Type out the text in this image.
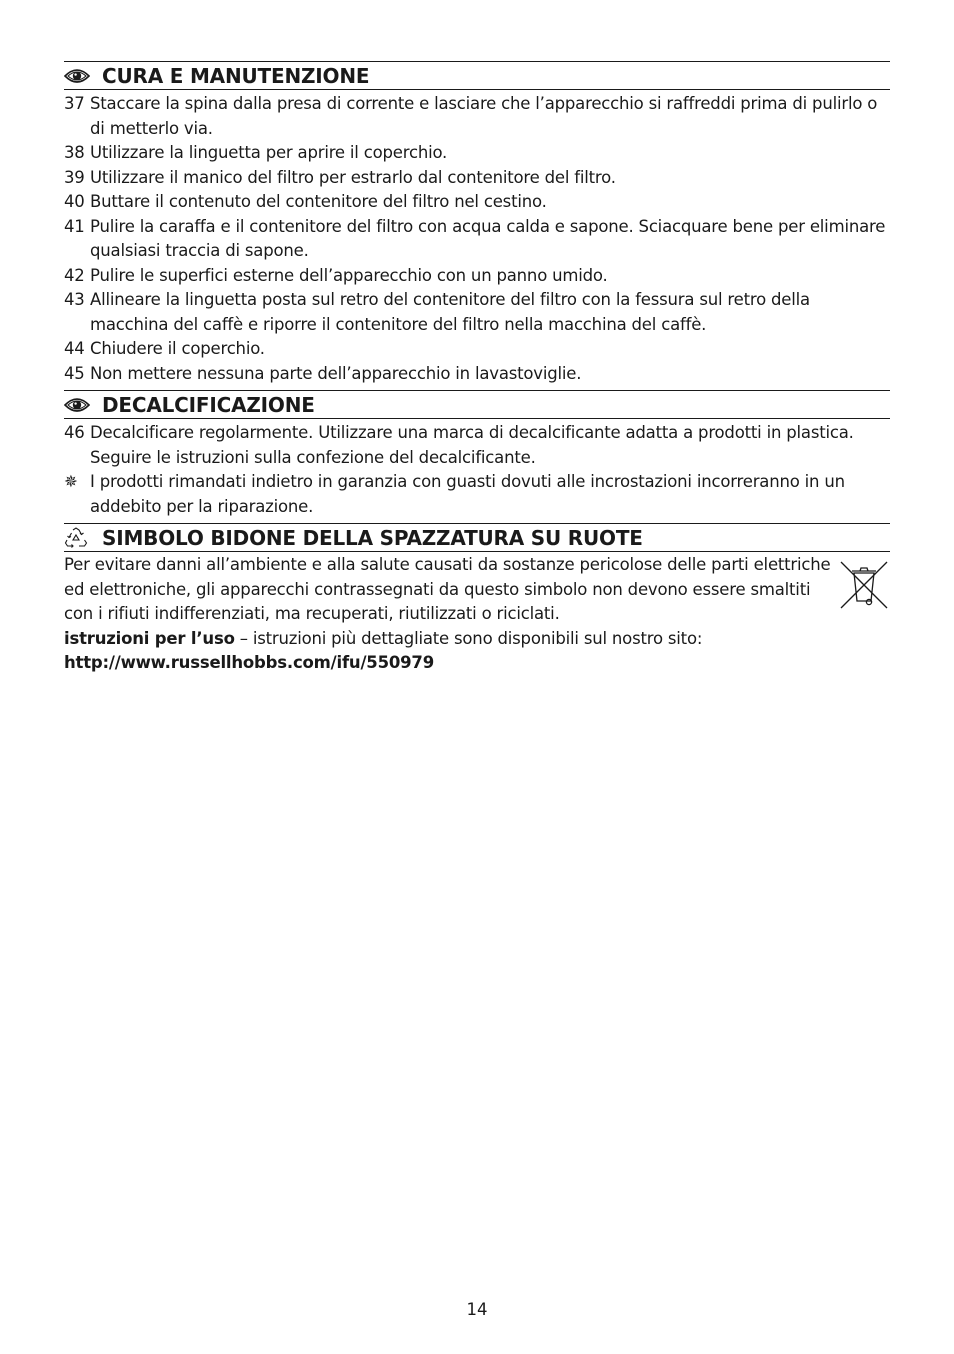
CURA E MANUTENZIONE
37 Staccare la spina dalla presa di corrente e lasciare che l’apparecchio si raffreddi prima di pulirlo o di metterlo via.
38 Utilizzare la linguetta per aprire il coperchio.
39 Utilizzare il manico del filtro per estrarlo dal contenitore del filtro.
40 Buttare il contenuto del contenitore del filtro nel cestino.
41 Pulire la caraffa e il contenitore del filtro con acqua calda e sapone. Sciacquare bene per eliminare qualsiasi traccia di sapone.
42 Pulire le superfici esterne dell’apparecchio con un panno umido.
43 Allineare la linguetta posta sul retro del contenitore del filtro con la fessura sul retro della macchina del caffè e riporre il contenitore del filtro nella macchina del caffè.
44 Chiudere il coperchio.
45 Non mettere nessuna parte dell’apparecchio in lavastoviglie.
DECALCIFICAZIONE
46 Decalcificare regolarmente. Utilizzare una marca di decalcificante adatta a prodotti in plastica. Seguire le istruzioni sulla confezione del decalcificante.
✵ I prodotti rimandati indietro in garanzia con guasti dovuti alle incrostazioni incorreranno in un addebito per la riparazione.
SIMBOLO BIDONE DELLA SPAZZATURA SU RUOTE
Per evitare danni all’ambiente e alla salute causati da sostanze pericolose delle parti elettriche ed elettroniche, gli apparecchi contrassegnati da questo simbolo non devono essere smaltiti con i rifiuti indifferenziati, ma recuperati, riutilizzati o riciclati.
istruzioni per l’uso – istruzioni più dettagliate sono disponibili sul nostro sito:
http://www.russellhobbs.com/ifu/550979
14
